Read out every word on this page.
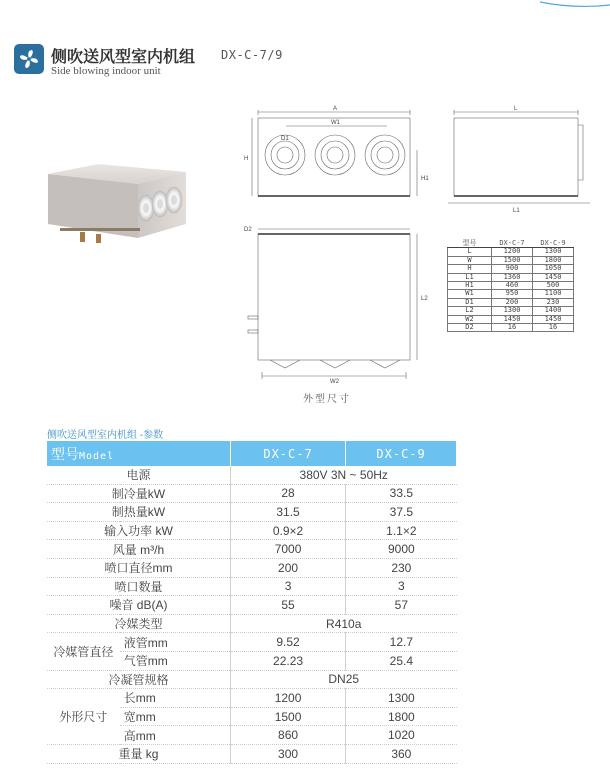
侧吹送风型室内机组 DX-C-7/9
Side blowing indoor unit
A
W1
D1
H
H1
L
L1
D2
L2
W2
外型尺寸
型号	DX-C-7	DX-C-9
L	1200	1300
W	1500	1800
H	900	1050
L1	1360	1450
H1	460	500
W1	950	1100
D1	200	230
L2	1300	1400
W2	1450	1450
D2	16	16
侧吹送风型室内机组 -参数
型号Model		DX-C-7	DX-C-9
电源		380V 3N ~ 50Hz	
制冷量kW		28	33.5
制热量kW		31.5	37.5
输入功率 kW		0.9×2	1.1×2
风量 m³/h		7000	9000
喷口直径mm		200	230
喷口数量		3	3
噪音 dB(A)		55	57
冷媒类型		R410a	
冷媒管直径	液管mm	9.52	12.7
	气管mm	22.23	25.4
冷凝管规格		DN25	
外形尺寸	长mm	1200	1300
	宽mm	1500	1800
	高mm	860	1020
重量 kg		300	360
